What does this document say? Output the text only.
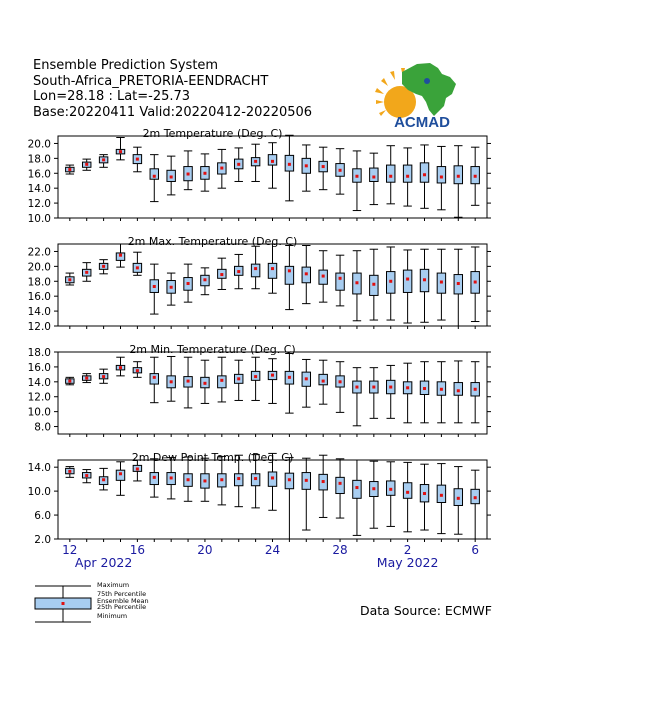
Ensemble Prediction System
South-Africa_PRETORIA-EENDRACHT
Lon=28.18 : Lat=-25.73
Base:20220411 Valid:20220412-20220506
ACMAD
2m Temperature (Deg. C)
10.0
12.0
14.0
16.0
18.0
20.0
2m Max. Temperature (Deg. C)
12.0
14.0
16.0
18.0
20.0
22.0
2m Min. Temperature (Deg. C)
8.0
10.0
12.0
14.0
16.0
18.0
2m Dew Point Temp. (Deg. C)
2.0
6.0
10.0
14.0
12	16	20	24	28	2	6
Apr 2022	May 2022
Maximum
75th Percentile
Ensemble Mean
25th Percentile
Minimum	Data Source: ECMWF
